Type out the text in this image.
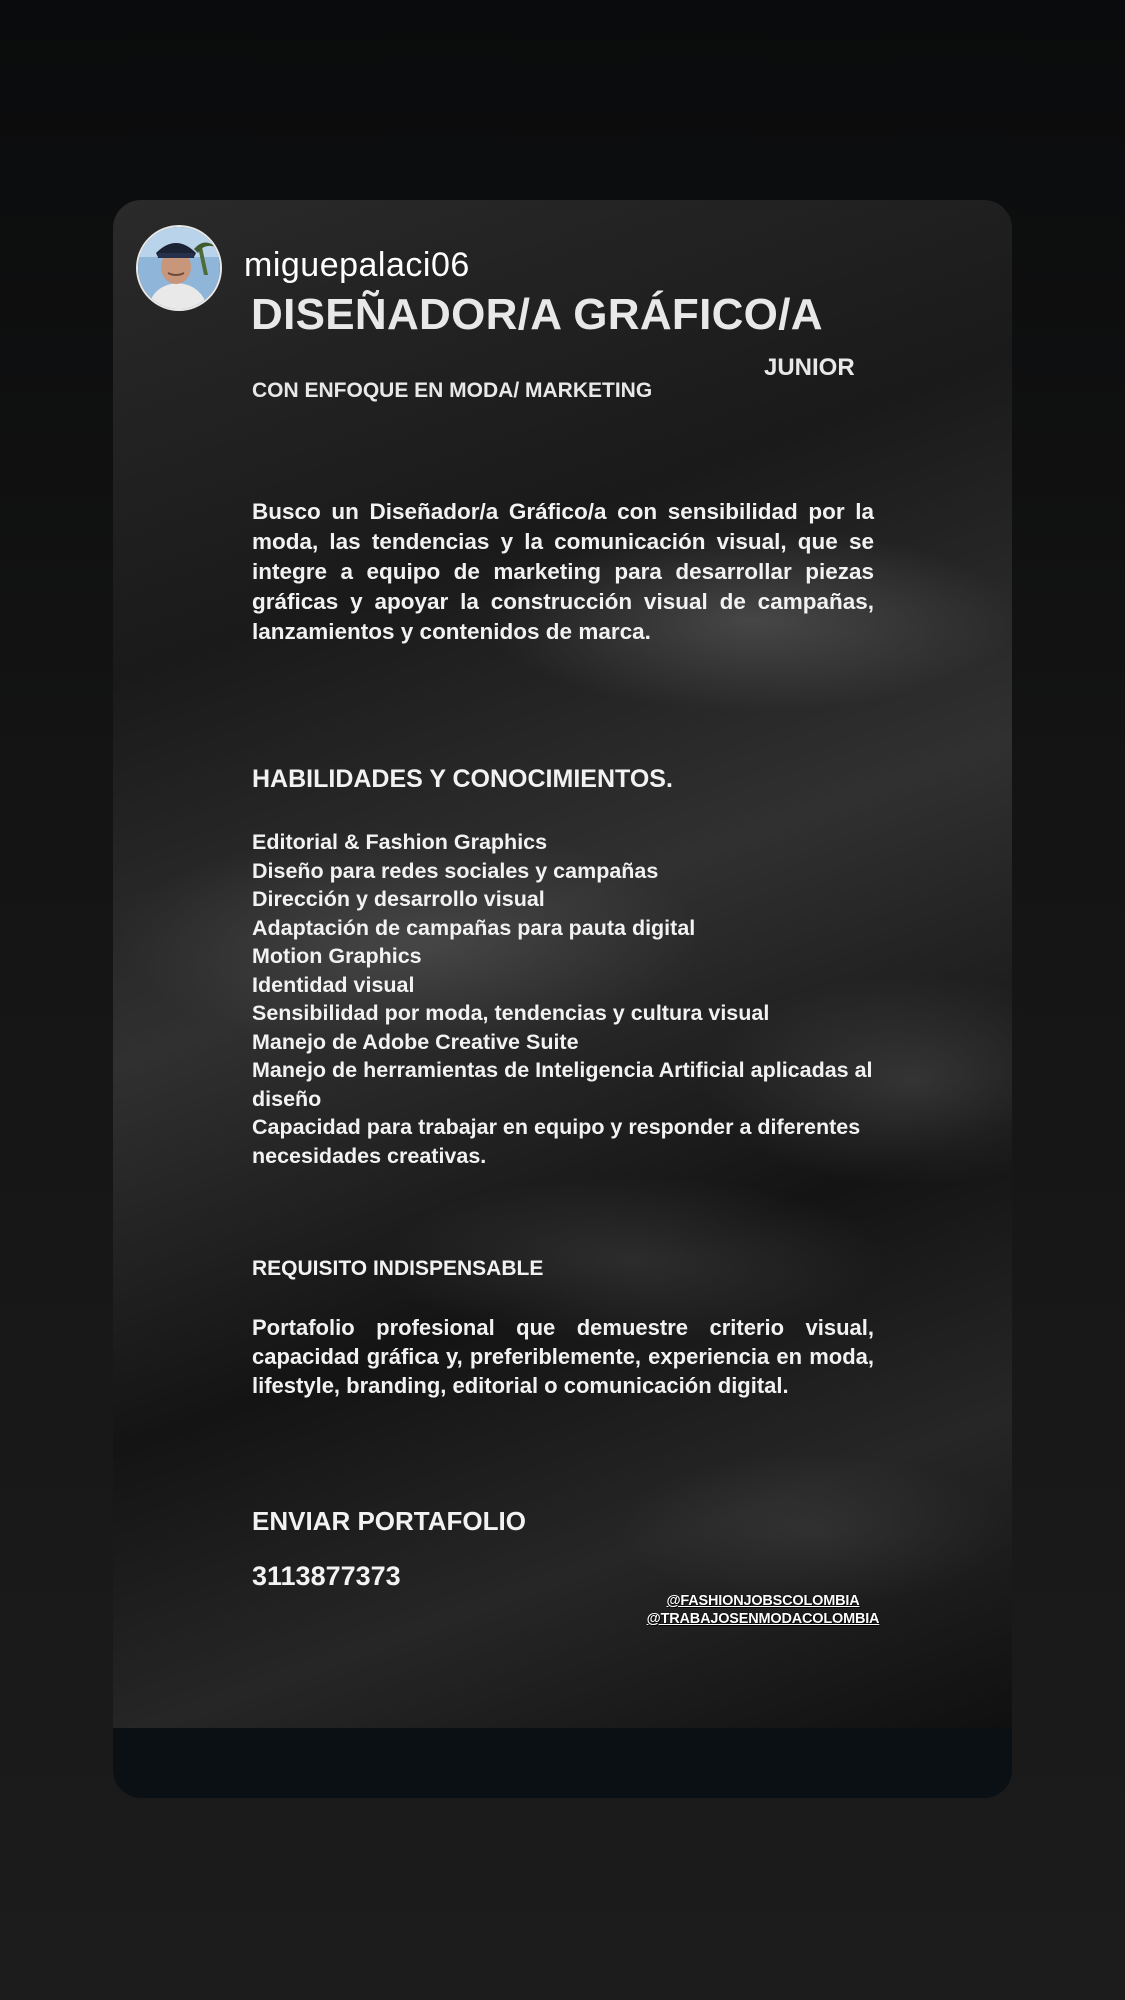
miguepalaci06
DISEÑADOR/A GRÁFICO/A
JUNIOR
CON ENFOQUE EN MODA/ MARKETING
Busco un Diseñador/a Gráfico/a con sensibilidad por la moda, las tendencias y la comunicación visual, que se integre a equipo de marketing para desarrollar piezas gráficas y apoyar la construcción visual de campañas, lanzamientos y contenidos de marca.
HABILIDADES Y CONOCIMIENTOS.
Editorial & Fashion Graphics
Diseño para redes sociales y campañas
Dirección y desarrollo visual
Adaptación de campañas para pauta digital
Motion Graphics
Identidad visual
Sensibilidad por moda, tendencias y cultura visual
Manejo de Adobe Creative Suite
Manejo de herramientas de Inteligencia Artificial aplicadas al diseño
Capacidad para trabajar en equipo y responder a diferentes necesidades creativas.
REQUISITO INDISPENSABLE
Portafolio profesional que demuestre criterio visual, capacidad gráfica y, preferiblemente, experiencia en moda, lifestyle, branding, editorial o comunicación digital.
ENVIAR PORTAFOLIO
3113877373
@FASHIONJOBSCOLOMBIA
@TRABAJOSENMODACOLOMBIA
